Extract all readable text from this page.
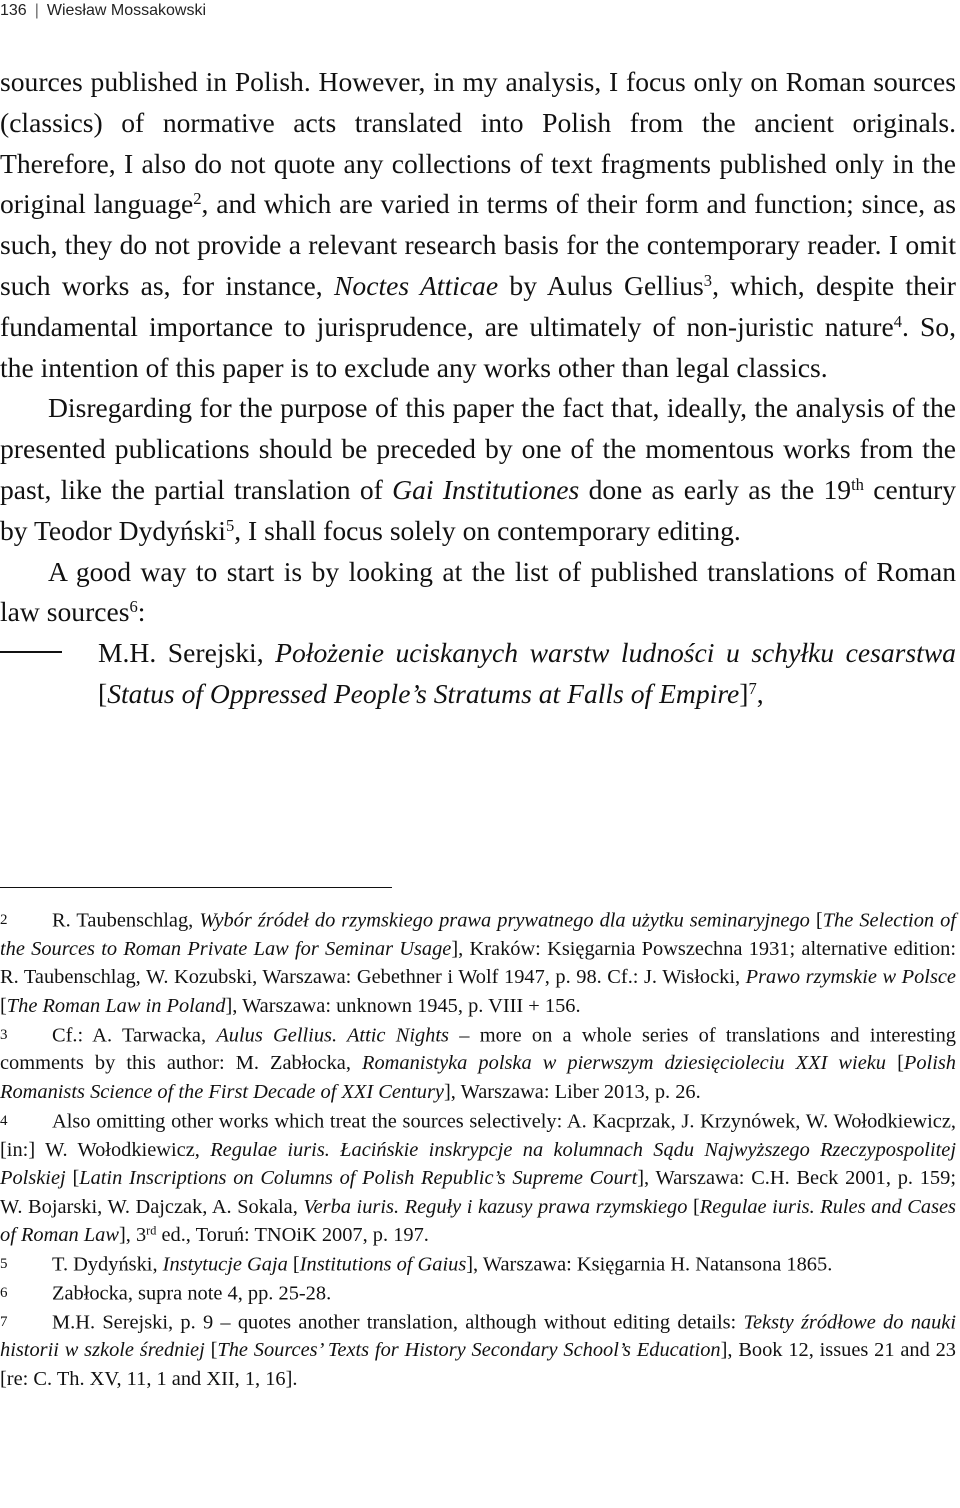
136 | Wiesław Mossakowski

sources published in Polish. However, in my analysis, I focus only on Roman sources (classics) of normative acts translated into Polish from the ancient originals. Therefore, I also do not quote any collections of text fragments published only in the original language$^2$, and which are varied in terms of their form and function; since, as such, they do not provide a relevant research basis for the contemporary reader. I omit such works as, for instance, Noctes Atticae by Aulus Gellius$^3$, which, despite their fundamental importance to jurisprudence, are ultimately of non-juristic nature$^4$. So, the intention of this paper is to exclude any works other than legal classics.

Disregarding for the purpose of this paper the fact that, ideally, the analysis of the presented publications should be preceded by one of the momentous works from the past, like the partial translation of Gai Institutiones done as early as the 19th century by Teodor Dydyński$^5$, I shall focus solely on contemporary editing.

A good way to start is by looking at the list of published translations of Roman law sources$^6$:

M.H. Serejski, Położenie uciskanych warstw ludności u schyłku cesarstwa [Status of Oppressed People’s Stratums at Falls of Empire]$^7$,

2 R. Taubenschlag, Wybór źródeł do rzymskiego prawa prywatnego dla użytku seminaryjnego [The Selection of the Sources to Roman Private Law for Seminar Usage], Kraków: Księgarnia Powszechna 1931; alternative edition: R. Taubenschlag, W. Kozubski, Warszawa: Gebethner i Wolf 1947, p. 98. Cf.: J. Wisłocki, Prawo rzymskie w Polsce [The Roman Law in Poland], Warszawa: unknown 1945, p. VIII + 156.

3 Cf.: A. Tarwacka, Aulus Gellius. Attic Nights – more on a whole series of translations and interesting comments by this author: M. Zabłocka, Romanistyka polska w pierwszym dziesięcioleciu XXI wieku [Polish Romanists Science of the First Decade of XXI Century], Warszawa: Liber 2013, p. 26.

4 Also omitting other works which treat the sources selectively: A. Kacprzak, J. Krzynówek, W. Wołodkiewicz, [in:] W. Wołodkiewicz, Regulae iuris. Łacińskie inskrypcje na kolumnach Sądu Najwyższego Rzeczypospolitej Polskiej [Latin Inscriptions on Columns of Polish Republic’s Supreme Court], Warszawa: C.H. Beck 2001, p. 159; W. Bojarski, W. Dajczak, A. Sokala, Verba iuris. Reguły i kazusy prawa rzymskiego [Regulae iuris. Rules and Cases of Roman Law], 3rd ed., Toruń: TNOiK 2007, p. 197.

5 T. Dydyński, Instytucje Gaja [Institutions of Gaius], Warszawa: Księgarnia H. Natansona 1865.

6 Zabłocka, supra note 4, pp. 25-28.

7 M.H. Serejski, p. 9 – quotes another translation, although without editing details: Teksty źródłowe do nauki historii w szkole średniej [The Sources’ Texts for History Secondary School’s Education], Book 12, issues 21 and 23 [re: C. Th. XV, 11, 1 and XII, 1, 16].
